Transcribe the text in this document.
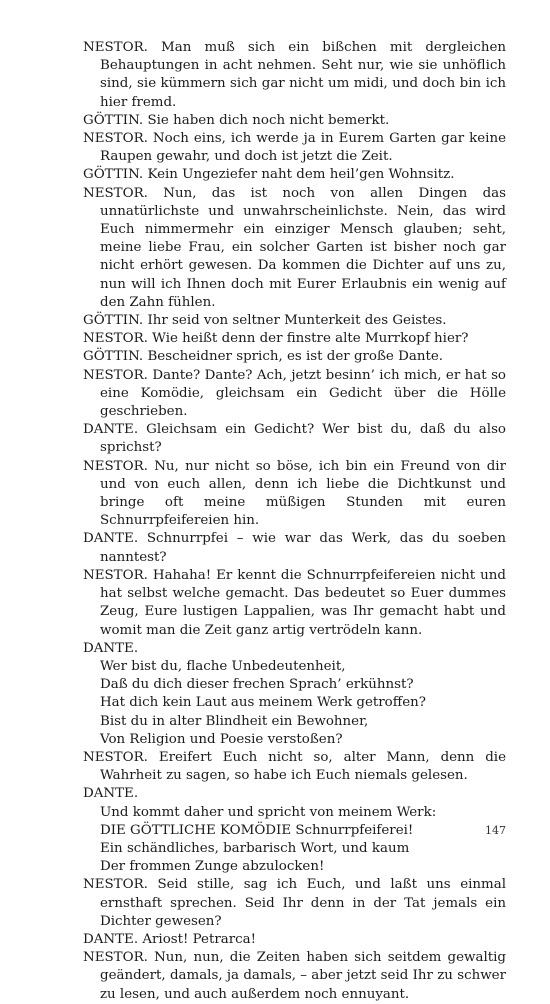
NESTOR. Man muß sich ein bißchen mit dergleichen Behauptungen in acht nehmen. Seht nur, wie sie unhöflich sind, sie kümmern sich gar nicht um midi, und doch bin ich hier fremd.
GÖTTIN. Sie haben dich noch nicht bemerkt.
NESTOR. Noch eins, ich werde ja in Eurem Garten gar keine Raupen gewahr, und doch ist jetzt die Zeit.
GÖTTIN. Kein Ungeziefer naht dem heil’gen Wohnsitz.
NESTOR. Nun, das ist noch von allen Dingen das unnatürlichste und unwahrscheinlichste. Nein, das wird Euch nimmermehr ein einziger Mensch glauben; seht, meine liebe Frau, ein solcher Garten ist bisher noch gar nicht erhört gewesen. Da kommen die Dichter auf uns zu, nun will ich Ihnen doch mit Eurer Erlaubnis ein wenig auf den Zahn fühlen.
GÖTTIN. Ihr seid von seltner Munterkeit des Geistes.
NESTOR. Wie heißt denn der finstre alte Murrkopf hier?
GÖTTIN. Bescheidner sprich, es ist der große Dante.
NESTOR. Dante? Dante? Ach, jetzt besinn’ ich mich, er hat so eine Komödie, gleichsam ein Gedicht über die Hölle geschrieben.
DANTE. Gleichsam ein Gedicht? Wer bist du, daß du also sprichst?
NESTOR. Nu, nur nicht so böse, ich bin ein Freund von dir und von euch allen, denn ich liebe die Dichtkunst und bringe oft meine müßigen Stunden mit euren Schnurrpfeifereien hin.
DANTE. Schnurrpfei – wie war das Werk, das du soeben nanntest?
NESTOR. Hahaha! Er kennt die Schnurrpfeifereien nicht und hat selbst welche gemacht. Das bedeutet so Euer dummes Zeug, Eure lustigen Lappalien, was Ihr gemacht habt und womit man die Zeit ganz artig vertrödeln kann.
DANTE.
Wer bist du, flache Unbedeutenheit,
Daß du dich dieser frechen Sprach’ erkühnst?
Hat dich kein Laut aus meinem Werk getroffen?
Bist du in alter Blindheit ein Bewohner,
Von Religion und Poesie verstoßen?
NESTOR. Ereifert Euch nicht so, alter Mann, denn die Wahrheit zu sagen, so habe ich Euch niemals gelesen.
DANTE.
Und kommt daher und spricht von meinem Werk:
DIE GÖTTLICHE KOMÖDIE Schnurrpfeiferei!
Ein schändliches, barbarisch Wort, und kaum
Der frommen Zunge abzulocken!
NESTOR. Seid stille, sag ich Euch, und laßt uns einmal ernsthaft sprechen. Seid Ihr denn in der Tat jemals ein Dichter gewesen?
DANTE. Ariost! Petrarca!
NESTOR. Nun, nun, die Zeiten haben sich seitdem gewaltig geändert, damals, ja damals, – aber jetzt seid Ihr zu schwer zu lesen, und auch außerdem noch ennuyant.
147
